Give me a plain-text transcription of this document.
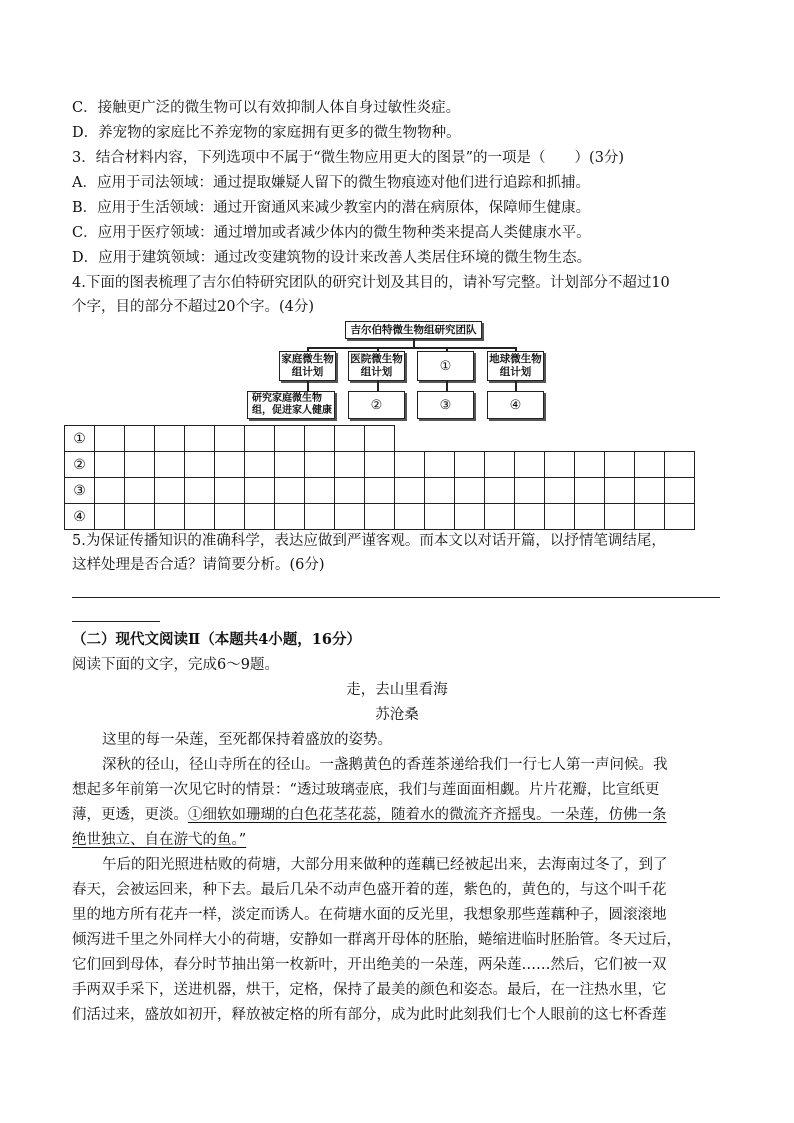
C．接触更广泛的微生物可以有效抑制人体自身过敏性炎症。
D．养宠物的家庭比不养宠物的家庭拥有更多的微生物物种。
3．结合材料内容，下列选项中不属于“微生物应用更大的图景”的一项是（　　）(3分)
A．应用于司法领域：通过提取嫌疑人留下的微生物痕迹对他们进行追踪和抓捕。
B．应用于生活领域：通过开窗通风来减少教室内的潜在病原体，保障师生健康。
C．应用于医疗领域：通过增加或者减少体内的微生物种类来提高人类健康水平。
D．应用于建筑领域：通过改变建筑物的设计来改善人类居住环境的微生物生态。
4.下面的图表梳理了吉尔伯特研究团队的研究计划及其目的，请补写完整。计划部分不超过10
个字，目的部分不超过20个字。(4分)
吉尔伯特微生物组研究团队
家庭微生物组计划
医院微生物组计划	①	地球微生物组计划
研究家庭微生物组，促进家人健康	②	③	④
①																					
②																					
③																					
④																					
5.为保证传播知识的准确科学，表达应做到严谨客观。而本文以对话开篇，以抒情笔调结尾，
这样处理是否合适？请简要分析。(6分)
（二）现代文阅读Ⅱ（本题共4小题，16分）
阅读下面的文字，完成6～9题。
走，去山里看海
苏沧桑
这里的每一朵莲，至死都保持着盛放的姿势。
深秋的径山，径山寺所在的径山。一盏鹅黄色的香莲茶递给我们一行七人第一声问候。我
想起多年前第一次见它时的情景：“透过玻璃壶底，我们与莲面面相觑。片片花瓣，比宣纸更
薄，更透，更淡。①细软如珊瑚的白色花茎花蕊，随着水的微流齐齐摇曳。一朵莲，仿佛一条
绝世独立、自在游弋的鱼。”
午后的阳光照进枯败的荷塘，大部分用来做种的莲藕已经被起出来，去海南过冬了，到了
春天，会被运回来，种下去。最后几朵不动声色盛开着的莲，紫色的，黄色的，与这个叫千花
里的地方所有花卉一样，淡定而诱人。在荷塘水面的反光里，我想象那些莲藕种子，圆滚滚地
倾泻进千里之外同样大小的荷塘，安静如一群离开母体的胚胎，蜷缩进临时胚胎管。冬天过后，
它们回到母体，春分时节抽出第一枚新叶，开出绝美的一朵莲，两朵莲……然后，它们被一双
手两双手采下，送进机器，烘干，定格，保持了最美的颜色和姿态。最后，在一注热水里，它
们活过来，盛放如初开，释放被定格的所有部分，成为此时此刻我们七个人眼前的这七杯香莲
